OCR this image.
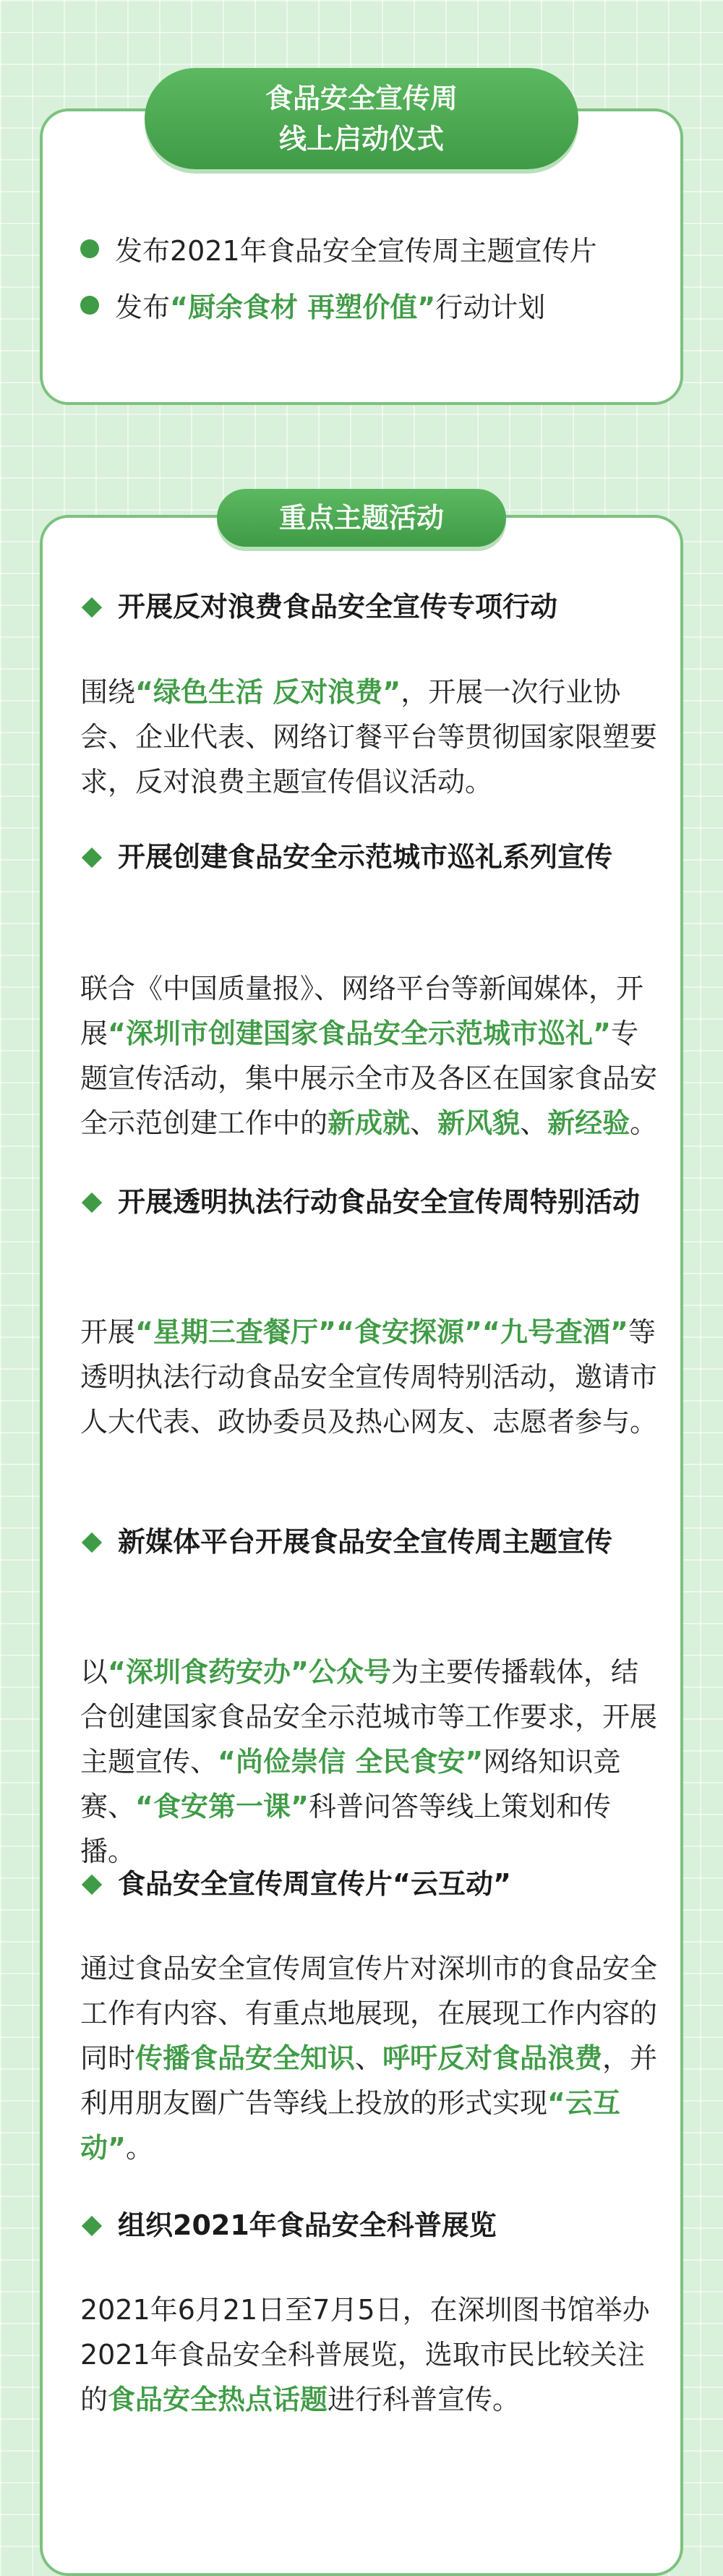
食品安全宣传周
线上启动仪式
发布2021年食品安全宣传周主题宣传片
发布 “厨余食材 再塑价值” 行动计划
重点主题活动
开展反对浪费食品安全宣传专项行动
围绕“绿色生活 反对浪费”，开展一次行业协会、企业代表、网络订餐平台等贯彻国家限塑要求，反对浪费主题宣传倡议活动。
开展创建食品安全示范城市巡礼系列宣传
联合《中国质量报》、网络平台等新闻媒体，开展“深圳市创建国家食品安全示范城市巡礼”专题宣传活动，集中展示全市及各区在国家食品安全示范创建工作中的新成就、新风貌、新经验。
开展透明执法行动食品安全宣传周特别活动
开展“星期三查餐厅”“食安探源”“九号查酒”等透明执法行动食品安全宣传周特别活动，邀请市人大代表、政协委员及热心网友、志愿者参与。
新媒体平台开展食品安全宣传周主题宣传
以“深圳食药安办”公众号为主要传播载体，结合创建国家食品安全示范城市等工作要求，开展主题宣传、“尚俭崇信 全民食安”网络知识竞赛、“食安第一课”科普问答等线上策划和传播。
食品安全宣传周宣传片“云互动”
通过食品安全宣传周宣传片对深圳市的食品安全工作有内容、有重点地展现，在展现工作内容的同时传播食品安全知识、呼吁反对食品浪费，并利用朋友圈广告等线上投放的形式实现“云互动”。
组织2021年食品安全科普展览
2021年6月21日至7月5日，在深圳图书馆举办2021年食品安全科普展览，选取市民比较关注的食品安全热点话题进行科普宣传。
